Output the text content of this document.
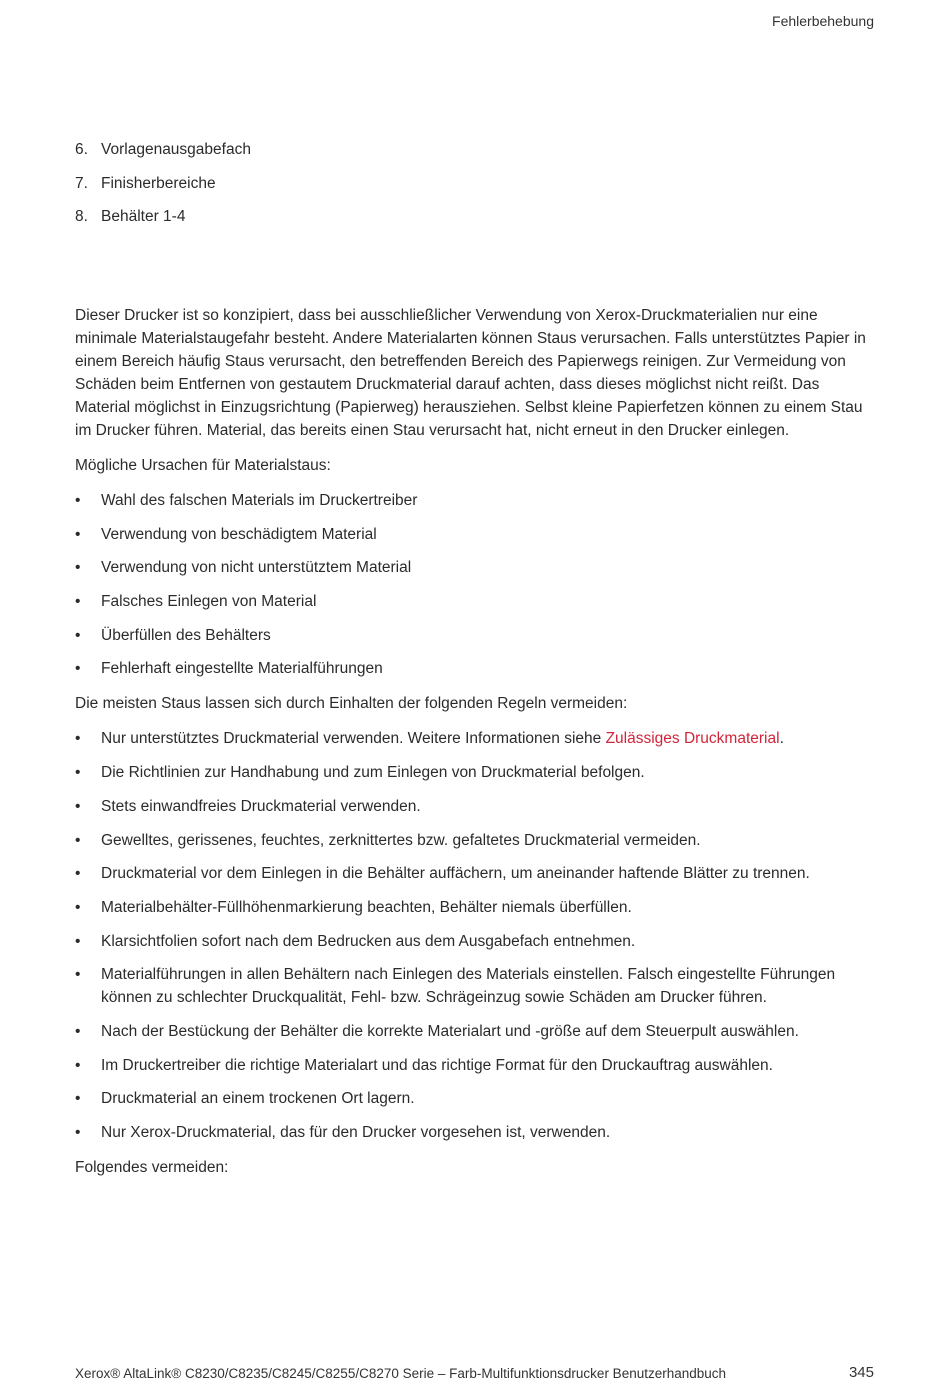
Fehlerbehebung
6. Vorlagenausgabefach
7. Finisherbereiche
8. Behälter 1-4

Dieser Drucker ist so konzipiert, dass bei ausschließlicher Verwendung von Xerox-Druckmaterialien nur eine minimale Materialstaugefahr besteht. Andere Materialarten können Staus verursachen. Falls unterstütztes Papier in einem Bereich häufig Staus verursacht, den betreffenden Bereich des Papierwegs reinigen. Zur Vermeidung von Schäden beim Entfernen von gestautem Druckmaterial darauf achten, dass dieses möglichst nicht reißt. Das Material möglichst in Einzugsrichtung (Papierweg) herausziehen. Selbst kleine Papierfetzen können zu einem Stau im Drucker führen. Material, das bereits einen Stau verursacht hat, nicht erneut in den Drucker einlegen.

Mögliche Ursachen für Materialstaus:

• Wahl des falschen Materials im Druckertreiber
• Verwendung von beschädigtem Material
• Verwendung von nicht unterstütztem Material
• Falsches Einlegen von Material
• Überfüllen des Behälters
• Fehlerhaft eingestellte Materialführungen

Die meisten Staus lassen sich durch Einhalten der folgenden Regeln vermeiden:

• Nur unterstütztes Druckmaterial verwenden. Weitere Informationen siehe Zulässiges Druckmaterial.
• Die Richtlinien zur Handhabung und zum Einlegen von Druckmaterial befolgen.
• Stets einwandfreies Druckmaterial verwenden.
• Gewelltes, gerissenes, feuchtes, zerknittertes bzw. gefaltetes Druckmaterial vermeiden.
• Druckmaterial vor dem Einlegen in die Behälter auffächern, um aneinander haftende Blätter zu trennen.
• Materialbehälter-Füllhöhenmarkierung beachten, Behälter niemals überfüllen.
• Klarsichtfolien sofort nach dem Bedrucken aus dem Ausgabefach entnehmen.
• Materialführungen in allen Behältern nach Einlegen des Materials einstellen. Falsch eingestellte Führungen können zu schlechter Druckqualität, Fehl- bzw. Schrägeinzug sowie Schäden am Drucker führen.
• Nach der Bestückung der Behälter die korrekte Materialart und -größe auf dem Steuerpult auswählen.
• Im Druckertreiber die richtige Materialart und das richtige Format für den Druckauftrag auswählen.
• Druckmaterial an einem trockenen Ort lagern.
• Nur Xerox-Druckmaterial, das für den Drucker vorgesehen ist, verwenden.

Folgendes vermeiden:

Xerox® AltaLink® C8230/C8235/C8245/C8255/C8270 Serie – Farb-Multifunktionsdrucker Benutzerhandbuch	345
